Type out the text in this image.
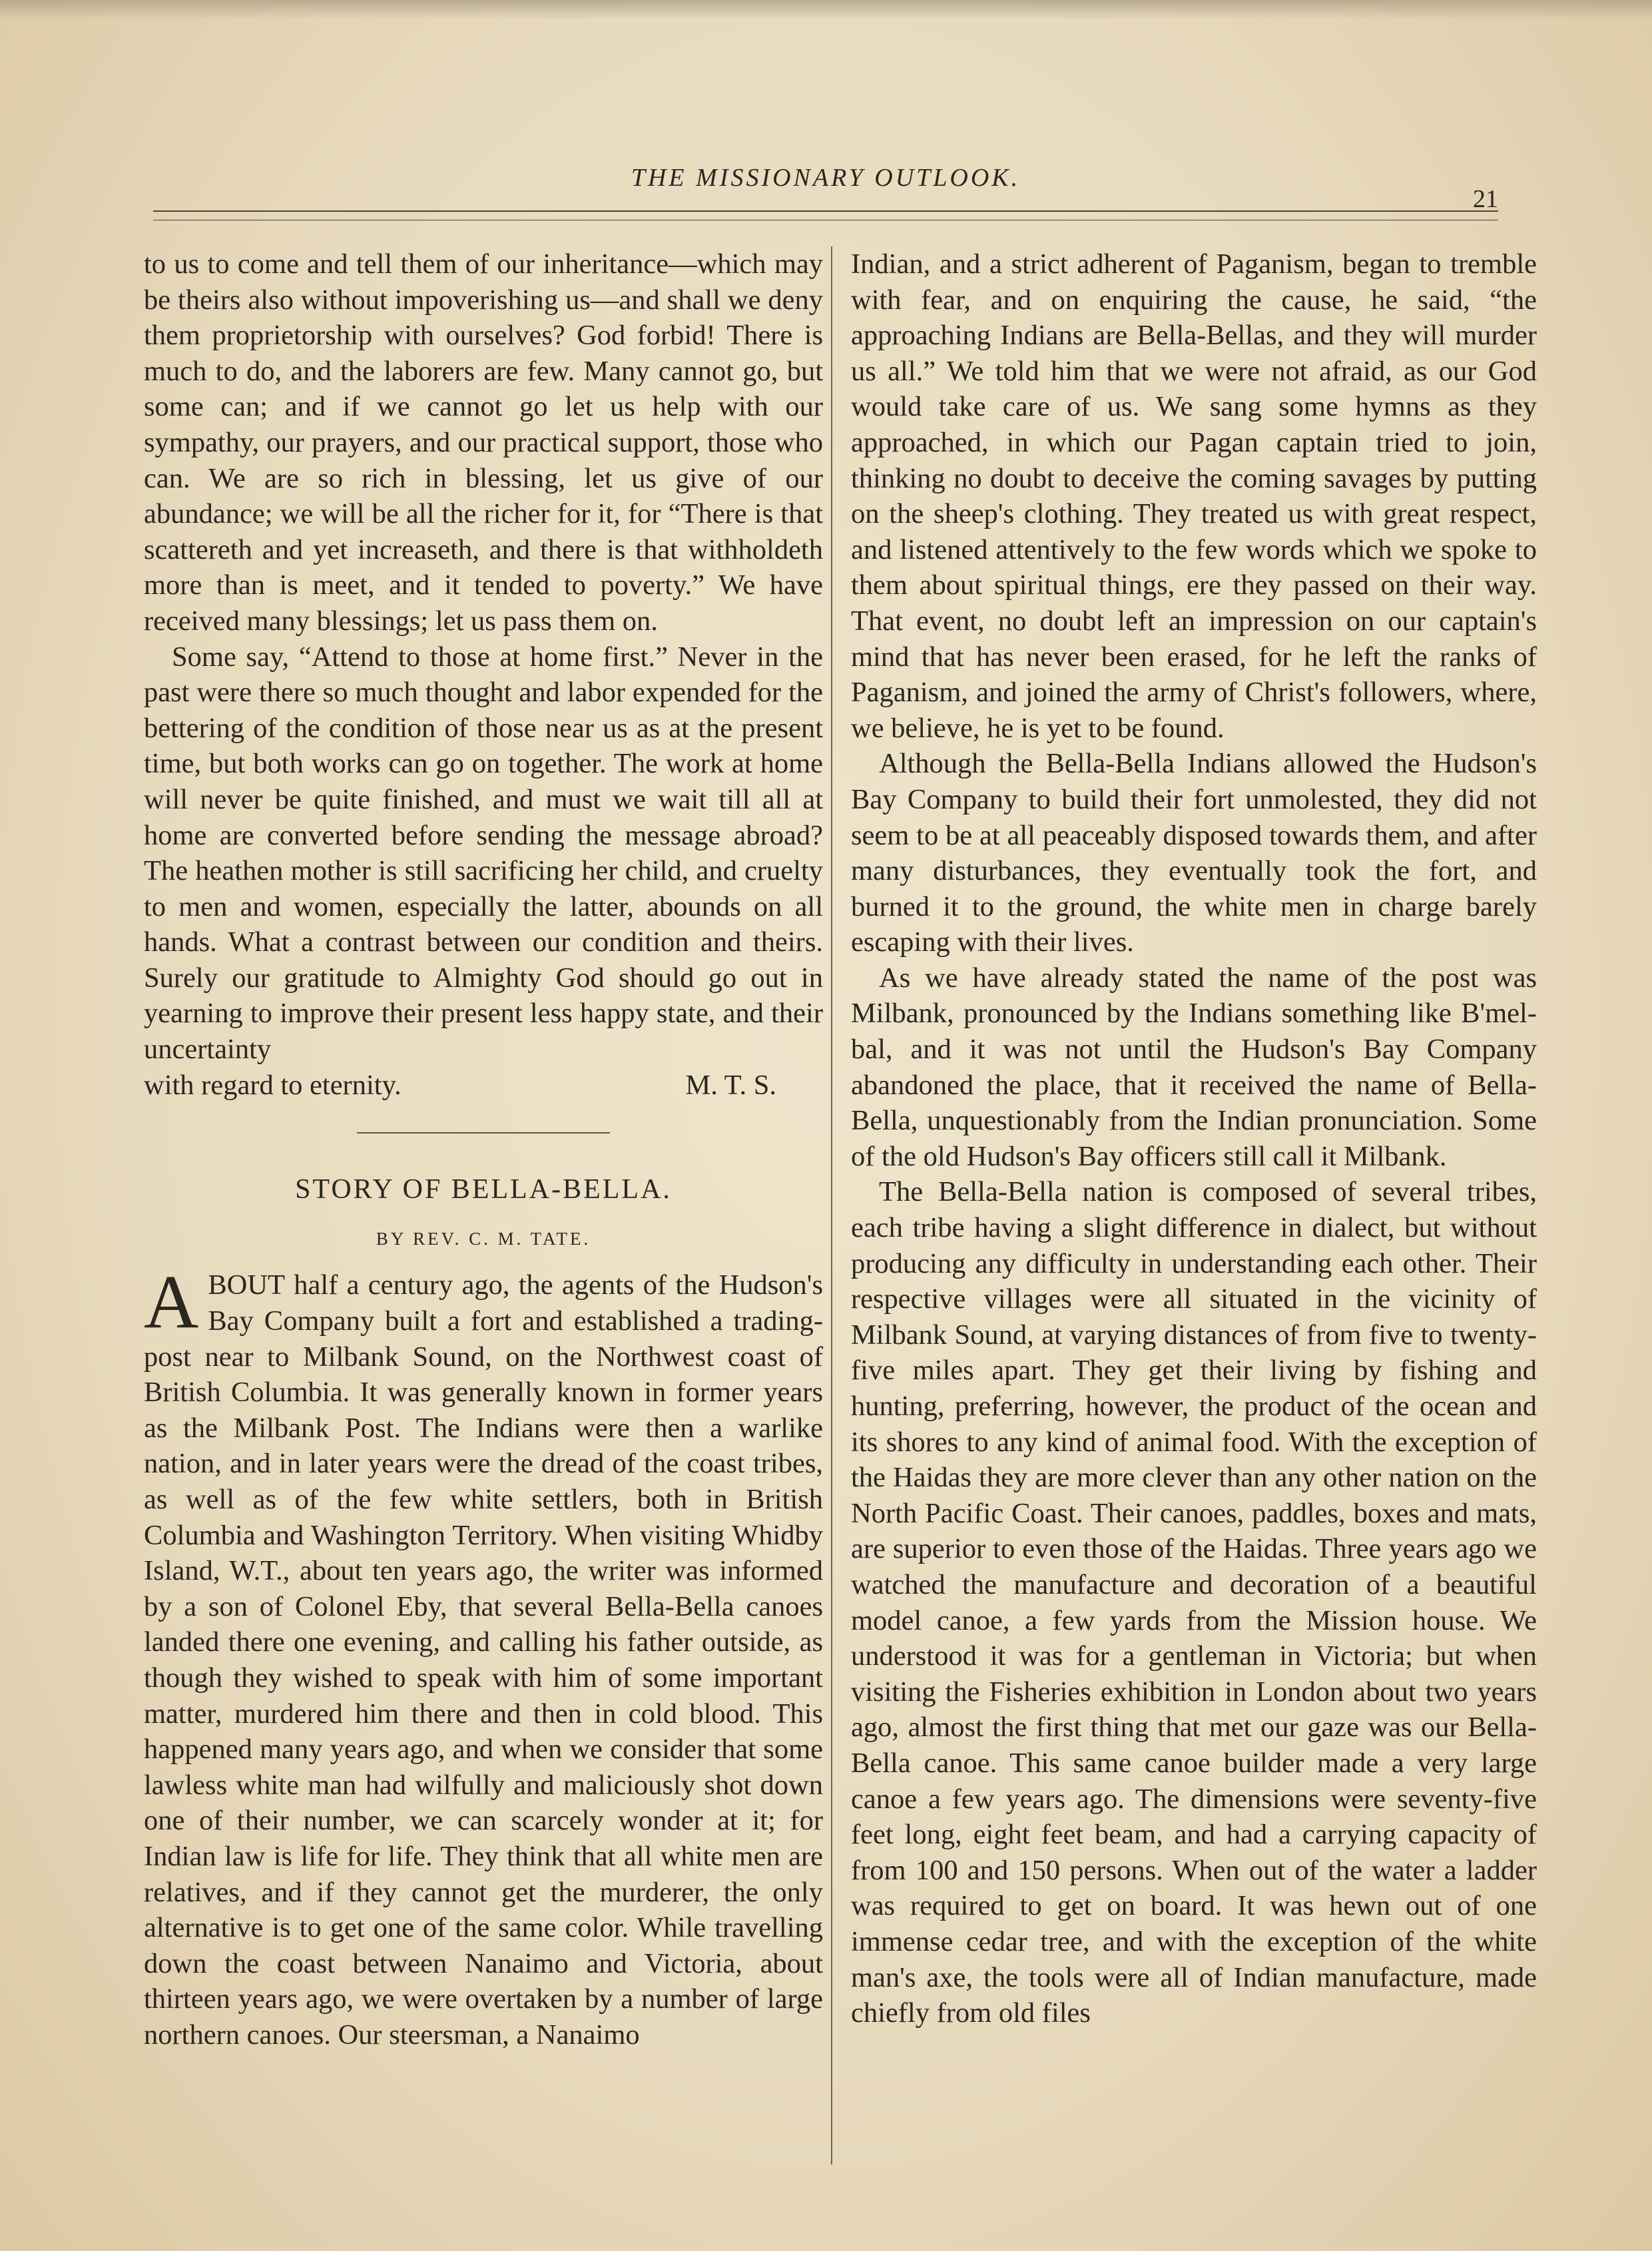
THE MISSIONARY OUTLOOK.
21

to us to come and tell them of our inheritance—which may be theirs also without impoverishing us—and shall we deny them proprietorship with ourselves? God forbid! There is much to do, and the laborers are few. Many cannot go, but some can; and if we cannot go let us help with our sympathy, our prayers, and our practical support, those who can. We are so rich in blessing, let us give of our abundance; we will be all the richer for it, for “There is that scattereth and yet increaseth, and there is that withholdeth more than is meet, and it tended to poverty.” We have received many blessings; let us pass them on.

Some say, “Attend to those at home first.” Never in the past were there so much thought and labor expended for the bettering of the condition of those near us as at the present time, but both works can go on together. The work at home will never be quite finished, and must we wait till all at home are converted before sending the message abroad? The heathen mother is still sacrificing her child, and cruelty to men and women, especially the latter, abounds on all hands. What a contrast between our condition and theirs. Surely our gratitude to Almighty God should go out in yearning to improve their present less happy state, and their uncertainty

with regard to eternity.	M. T. S.
STORY OF BELLA-BELLA.
BY REV. C. M. TATE.

ABOUT half a century ago, the agents of the Hudson's Bay Company built a fort and established a trading-post near to Milbank Sound, on the Northwest coast of British Columbia. It was generally known in former years as the Milbank Post. The Indians were then a warlike nation, and in later years were the dread of the coast tribes, as well as of the few white settlers, both in British Columbia and Washington Territory. When visiting Whidby Island, W.T., about ten years ago, the writer was informed by a son of Colonel Eby, that several Bella-Bella canoes landed there one evening, and calling his father outside, as though they wished to speak with him of some important matter, murdered him there and then in cold blood. This happened many years ago, and when we consider that some lawless white man had wilfully and maliciously shot down one of their number, we can scarcely wonder at it; for Indian law is life for life. They think that all white men are relatives, and if they cannot get the murderer, the only alternative is to get one of the same color. While travelling down the coast between Nanaimo and Victoria, about thirteen years ago, we were overtaken by a number of large northern canoes. Our steersman, a Nanaimo

Indian, and a strict adherent of Paganism, began to tremble with fear, and on enquiring the cause, he said, “the approaching Indians are Bella-Bellas, and they will murder us all.” We told him that we were not afraid, as our God would take care of us. We sang some hymns as they approached, in which our Pagan captain tried to join, thinking no doubt to deceive the coming savages by putting on the sheep's clothing. They treated us with great respect, and listened attentively to the few words which we spoke to them about spiritual things, ere they passed on their way. That event, no doubt left an impression on our captain's mind that has never been erased, for he left the ranks of Paganism, and joined the army of Christ's followers, where, we believe, he is yet to be found.

Although the Bella-Bella Indians allowed the Hudson's Bay Company to build their fort unmolested, they did not seem to be at all peaceably disposed towards them, and after many disturbances, they eventually took the fort, and burned it to the ground, the white men in charge barely escaping with their lives.

As we have already stated the name of the post was Milbank, pronounced by the Indians something like B'mel-bal, and it was not until the Hudson's Bay Company abandoned the place, that it received the name of Bella-Bella, unquestionably from the Indian pronunciation. Some of the old Hudson's Bay officers still call it Milbank.

The Bella-Bella nation is composed of several tribes, each tribe having a slight difference in dialect, but without producing any difficulty in understanding each other. Their respective villages were all situated in the vicinity of Milbank Sound, at varying distances of from five to twenty-five miles apart. They get their living by fishing and hunting, preferring, however, the product of the ocean and its shores to any kind of animal food. With the exception of the Haidas they are more clever than any other nation on the North Pacific Coast. Their canoes, paddles, boxes and mats, are superior to even those of the Haidas. Three years ago we watched the manufacture and decoration of a beautiful model canoe, a few yards from the Mission house. We understood it was for a gentleman in Victoria; but when visiting the Fisheries exhibition in London about two years ago, almost the first thing that met our gaze was our Bella-Bella canoe. This same canoe builder made a very large canoe a few years ago. The dimensions were seventy-five feet long, eight feet beam, and had a carrying capacity of from 100 and 150 persons. When out of the water a ladder was required to get on board. It was hewn out of one immense cedar tree, and with the exception of the white man's axe, the tools were all of Indian manufacture, made chiefly from old files
